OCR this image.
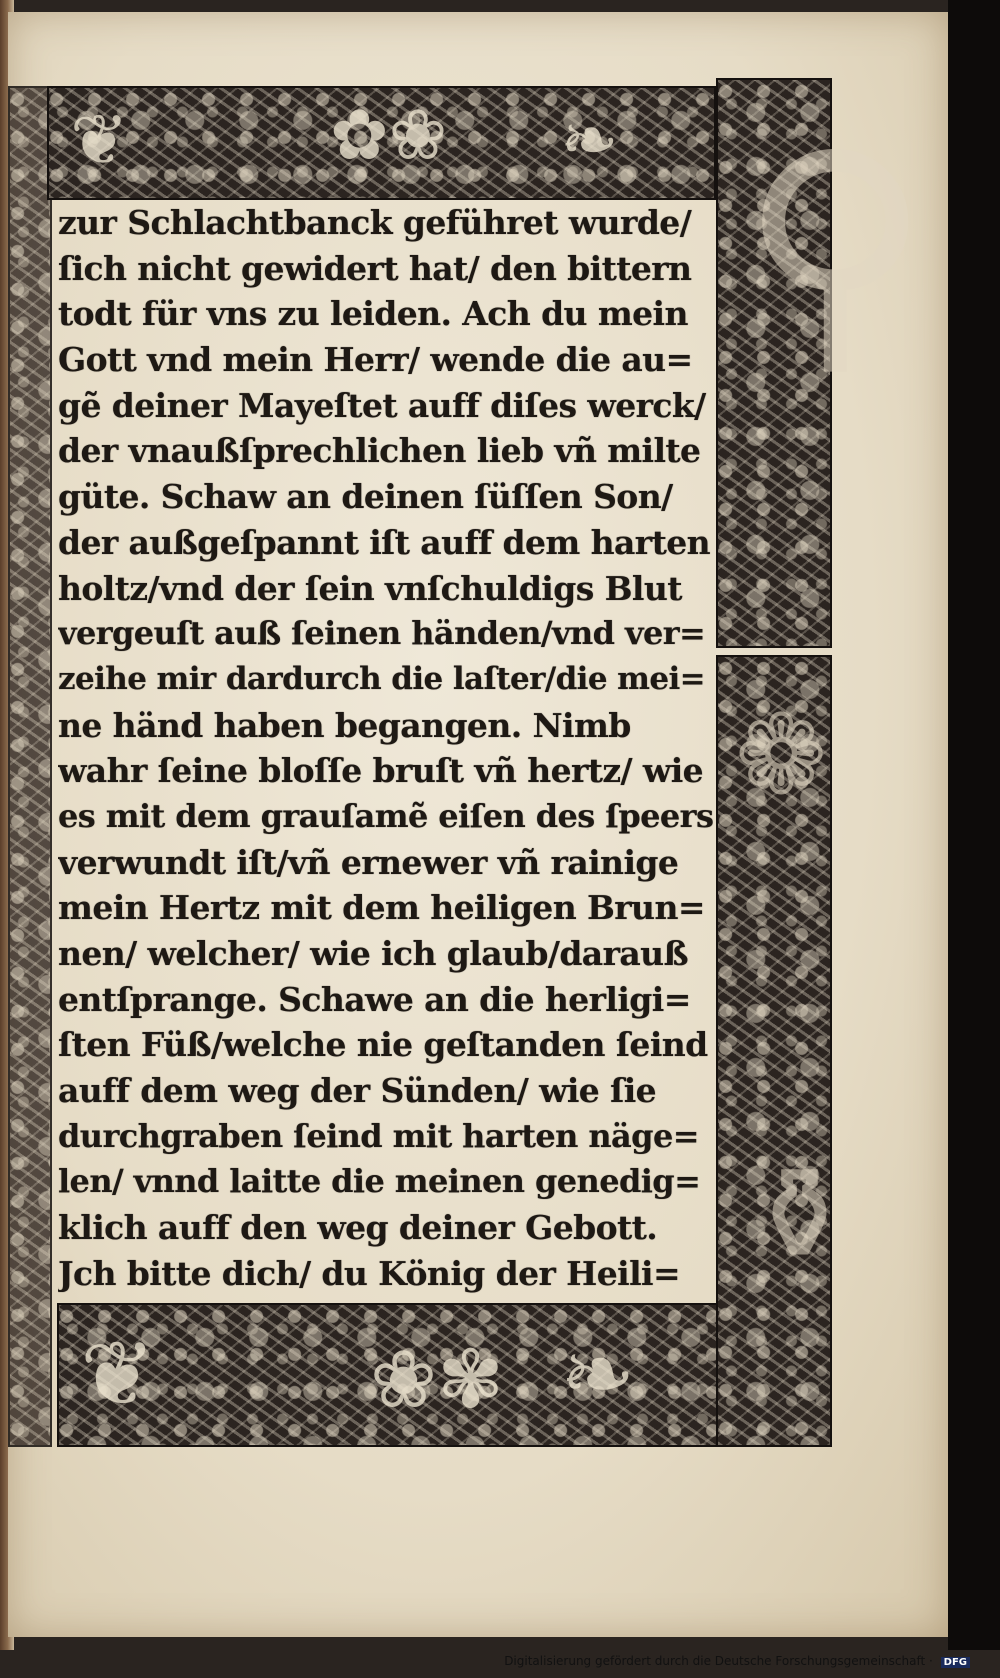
❦	✿❀ ❧
❦	❀✾ ❧
⚲
❁
⚱
zur Schlachtbanck geführet wurde/
ſich nicht gewidert hat/ den bittern
todt für vns zu leiden. Ach du mein
Gott vnd mein Herr/ wende die au=
gẽ deiner Mayeſtet auff diſes werck/
der vnaußſprechlichen lieb vñ milte
güte. Schaw an deinen ſüſſen Son/
der außgeſpannt iſt auff dem harten
holtz/vnd der ſein vnſchuldigs Blut
vergeuſt auß ſeinen händen/vnd ver=
zeihe mir dardurch die laſter/die mei=
ne händ haben begangen. Nimb
wahr ſeine bloſſe bruſt vñ hertz/ wie
es mit dem grauſamẽ eiſen des ſpeers
verwundt iſt/vñ ernewer vñ rainige
mein Hertz mit dem heiligen Brun=
nen/ welcher/ wie ich glaub/darauß
entſprange. Schawe an die herligi=
ſten Füß/welche nie geſtanden ſeind
auff dem weg der Sünden/ wie ſie
durchgraben ſeind mit harten näge=
len/ vnnd laitte die meinen genedig=
klich auff den weg deiner Gebott.
Jch bitte dich/ du König der Heili=
Digitalisierung gefördert durch die Deutsche Forschungsgemeinschaft · DFG
